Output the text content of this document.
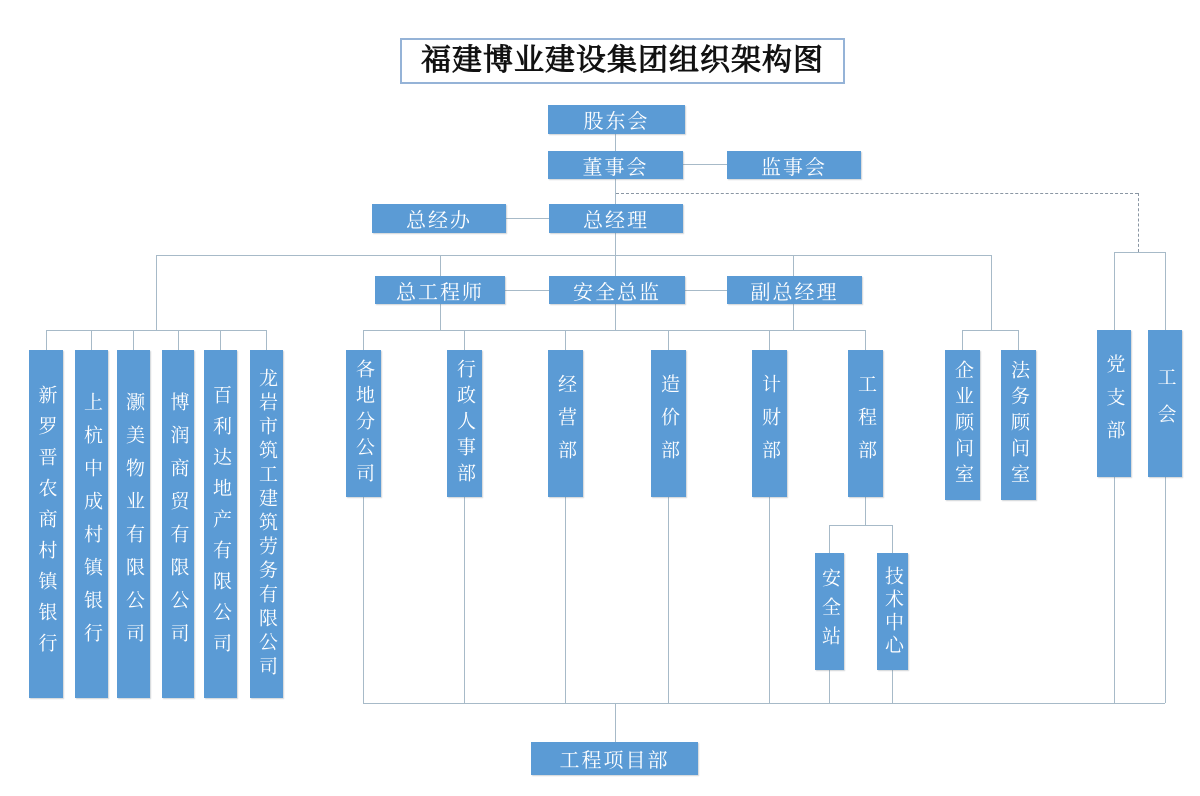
福建博业建设集团组织架构图
股东会
董事会	监事会
总经办	总经理
总工程师	安全总监	副总经理
新罗晋农商村镇银行	上杭中成村镇银行	灏美物业有限公司	博润商贸有限公司	百利达地产有限公司	龙岩市筑工建筑劳务有限公司	各地分公司	行政人事部	经营部	造价部	计财部	工程部
安全站 技术中心
企业顾问室	法务顾问室	党支部	工会
工程项目部
